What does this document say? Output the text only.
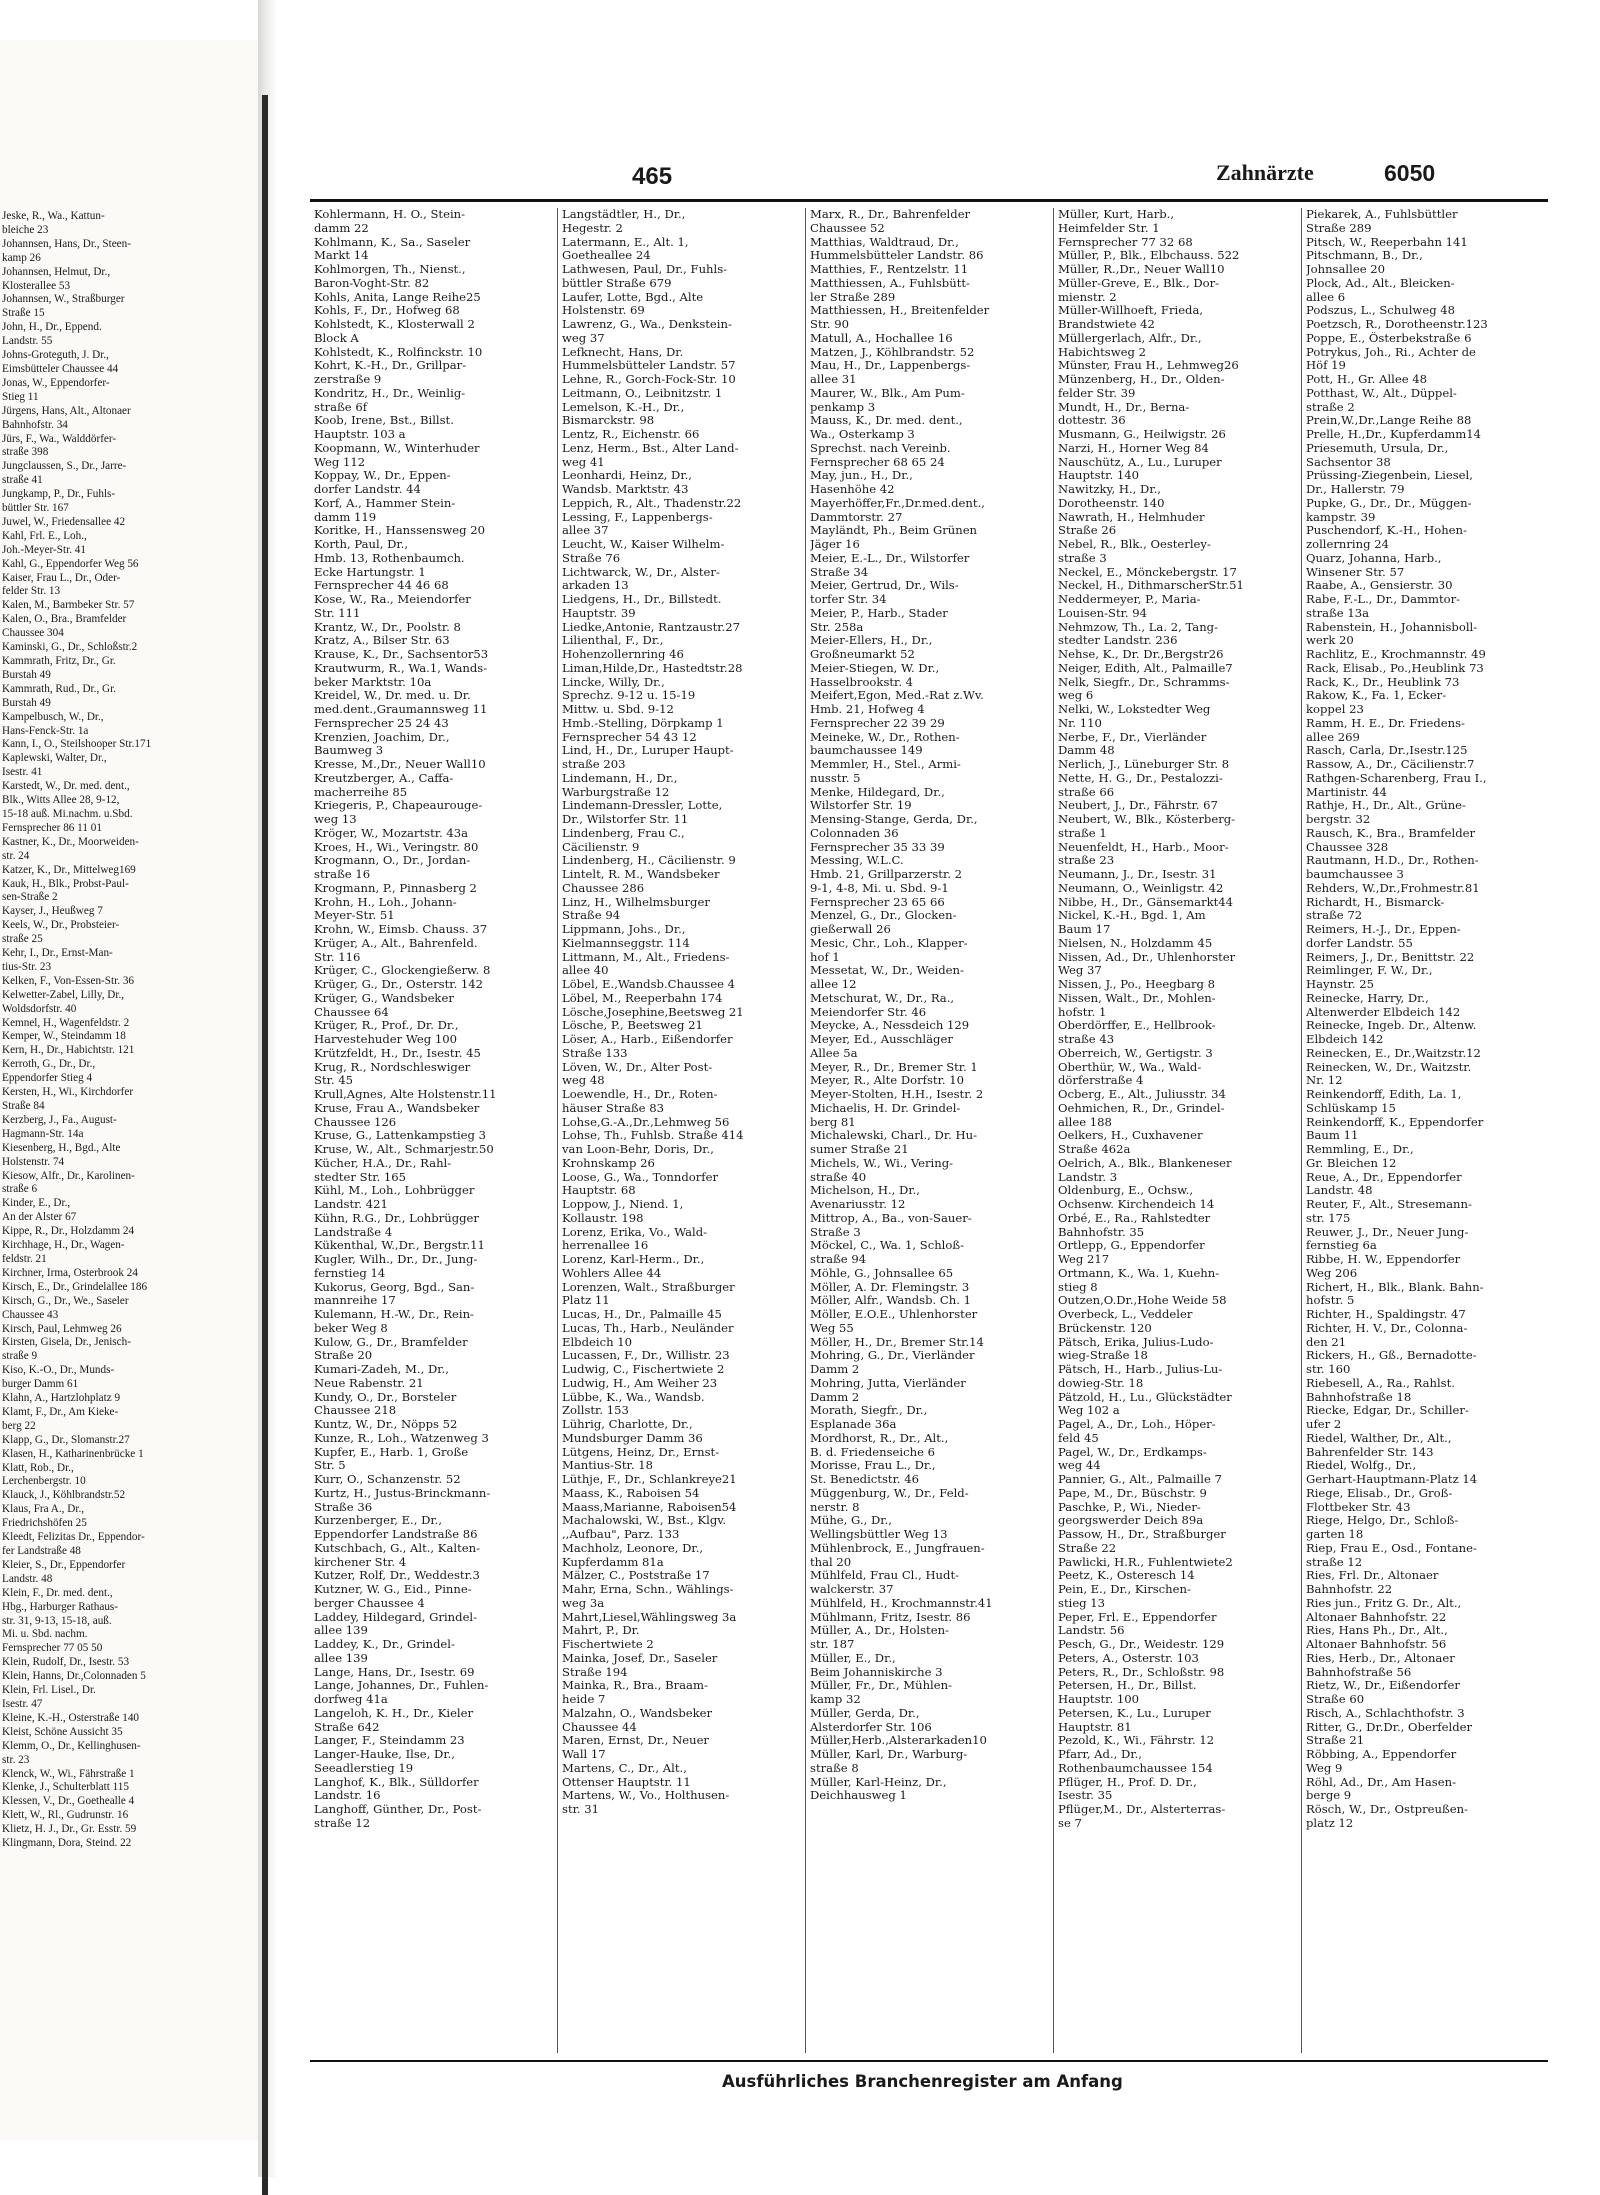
Jeske, R., Wa., Kattun-
bleiche 23
Johannsen, Hans, Dr., Steen-
kamp 26
Johannsen, Helmut, Dr.,
Klosterallee 53
Johannsen, W., Straßburger
Straße 15
John, H., Dr., Eppend.
Landstr. 55
Johns-Groteguth, J. Dr.,
Eimsbütteler Chaussee 44
Jonas, W., Eppendorfer-
Stieg 11
Jürgens, Hans, Alt., Altonaer
Bahnhofstr. 34
Jürs, F., Wa., Walddörfer-
straße 398
Jungclaussen, S., Dr., Jarre-
straße 41
Jungkamp, P., Dr., Fuhls-
büttler Str. 167
Juwel, W., Friedensallee 42
Kahl, Frl. E., Loh.,
Joh.-Meyer-Str. 41
Kahl, G., Eppendorfer Weg 56
Kaiser, Frau L., Dr., Oder-
felder Str. 13
Kalen, M., Barmbeker Str. 57
Kalen, O., Bra., Bramfelder
Chaussee 304
Kaminski, G., Dr., Schloßstr.2
Kammrath, Fritz, Dr., Gr.
Burstah 49
Kammrath, Rud., Dr., Gr.
Burstah 49
Kampelbusch, W., Dr.,
Hans-Fenck-Str. 1a
Kann, I., O., Steilshooper Str.171
Kaplewski, Walter, Dr.,
Isestr. 41
Karstedt, W., Dr. med. dent.,
Blk., Witts Allee 28, 9-12,
15-18 auß. Mi.nachm. u.Sbd.
Fernsprecher 86 11 01
Kastner, K., Dr., Moorweiden-
str. 24
Katzer, K., Dr., Mittelweg169
Kauk, H., Blk., Probst-Paul-
sen-Straße 2
Kayser, J., Heußweg 7
Keels, W., Dr., Probsteier-
straße 25
Kehr, I., Dr., Ernst-Man-
tius-Str. 23
Kelken, F., Von-Essen-Str. 36
Kelwetter-Zabel, Lilly, Dr.,
Woldsdorfstr. 40
Kemnel, H., Wagenfeldstr. 2
Kemper, W., Steindamm 18
Kern, H., Dr., Habichtstr. 121
Kerroth, G., Dr., Dr.,
Eppendorfer Stieg 4
Kersten, H., Wi., Kirchdorfer
Straße 84
Kerzberg, J., Fa., August-
Hagmann-Str. 14a
Kiesenberg, H., Bgd., Alte
Holstenstr. 74
Kiesow, Alfr., Dr., Karolinen-
straße 6
Kinder, E., Dr.,
An der Alster 67
Kippe, R., Dr., Holzdamm 24
Kirchhage, H., Dr., Wagen-
feldstr. 21
Kirchner, Irma, Osterbrook 24
Kirsch, E., Dr., Grindelallee 186
Kirsch, G., Dr., We., Saseler
Chaussee 43
Kirsch, Paul, Lehmweg 26
Kirsten, Gisela, Dr., Jenisch-
straße 9
Kiso, K.-O., Dr., Munds-
burger Damm 61
Klahn, A., Hartzlohplatz 9
Klamt, F., Dr., Am Kieke-
berg 22
Klapp, G., Dr., Slomanstr.27
Klasen, H., Katharinenbrücke 1
Klatt, Rob., Dr.,
Lerchenbergstr. 10
Klauck, J., Köhlbrandstr.52
Klaus, Fra A., Dr.,
Friedrichshöfen 25
Kleedt, Felizitas Dr., Eppendor-
fer Landstraße 48
Kleier, S., Dr., Eppendorfer
Landstr. 48
Klein, F., Dr. med. dent.,
Hbg., Harburger Rathaus-
str. 31, 9-13, 15-18, auß.
Mi. u. Sbd. nachm.
Fernsprecher 77 05 50
Klein, Rudolf, Dr., Isestr. 53
Klein, Hanns, Dr.,Colonnaden 5
Klein, Frl. Lisel., Dr.
Isestr. 47
Kleine, K.-H., Osterstraße 140
Kleist, Schöne Aussicht 35
Klemm, O., Dr., Kellinghusen-
str. 23
Klenck, W., Wi., Fährstraße 1
Klenke, J., Schulterblatt 115
Klessen, V., Dr., Goethealle 4
Klett, W., Rl., Gudrunstr. 16
Klietz, H. J., Dr., Gr. Esstr. 59
Klingmann, Dora, Steind. 22
465	Zahnärzte	6050
Kohlermann, H. O., Stein-
damm 22
Kohlmann, K., Sa., Saseler
Markt 14
Kohlmorgen, Th., Nienst.,
Baron-Voght-Str. 82
Kohls, Anita, Lange Reihe25
Kohls, F., Dr., Hofweg 68
Kohlstedt, K., Klosterwall 2
Block A
Kohlstedt, K., Rolfinckstr. 10
Kohrt, K.-H., Dr., Grillpar-
zerstraße 9
Kondritz, H., Dr., Weinlig-
straße 6f
Koob, Irene, Bst., Billst.
Hauptstr. 103 a
Koopmann, W., Winterhuder
Weg 112
Koppay, W., Dr., Eppen-
dorfer Landstr. 44
Korf, A., Hammer Stein-
damm 119
Koritke, H., Hanssensweg 20
Korth, Paul, Dr.,
Hmb. 13, Rothenbaumch.
Ecke Hartungstr. 1
Fernsprecher 44 46 68
Kose, W., Ra., Meiendorfer
Str. 111
Krantz, W., Dr., Poolstr. 8
Kratz, A., Bilser Str. 63
Krause, K., Dr., Sachsentor53
Krautwurm, R., Wa.1, Wands-
beker Marktstr. 10a
Kreidel, W., Dr. med. u. Dr.
med.dent.,Graumannsweg 11
Fernsprecher 25 24 43
Krenzien, Joachim, Dr.,
Baumweg 3
Kresse, M.,Dr., Neuer Wall10
Kreutzberger, A., Caffa-
macherreihe 85
Kriegeris, P., Chapeaurouge-
weg 13
Kröger, W., Mozartstr. 43a
Kroes, H., Wi., Veringstr. 80
Krogmann, O., Dr., Jordan-
straße 16
Krogmann, P., Pinnasberg 2
Krohn, H., Loh., Johann-
Meyer-Str. 51
Krohn, W., Eimsb. Chauss. 37
Krüger, A., Alt., Bahrenfeld.
Str. 116
Krüger, C., Glockengießerw. 8
Krüger, G., Dr., Osterstr. 142
Krüger, G., Wandsbeker
Chaussee 64
Krüger, R., Prof., Dr. Dr.,
Harvestehuder Weg 100
Krützfeldt, H., Dr., Isestr. 45
Krug, R., Nordschleswiger
Str. 45
Krull,Agnes, Alte Holstenstr.11
Kruse, Frau A., Wandsbeker
Chaussee 126
Kruse, G., Lattenkampstieg 3
Kruse, W., Alt., Schmarjestr.50
Kücher, H.A., Dr., Rahl-
stedter Str. 165
Kühl, M., Loh., Lohbrügger
Landstr. 421
Kühn, R.G., Dr., Lohbrügger
Landstraße 4
Kükenthal, W.,Dr., Bergstr.11
Kugler, Wilh., Dr., Dr., Jung-
fernstieg 14
Kukorus, Georg, Bgd., San-
mannreihe 17
Kulemann, H.-W., Dr., Rein-
beker Weg 8
Kulow, G., Dr., Bramfelder
Straße 20
Kumari-Zadeh, M., Dr.,
Neue Rabenstr. 21
Kundy, O., Dr., Borsteler
Chaussee 218
Kuntz, W., Dr., Nöpps 52
Kunze, R., Loh., Watzenweg 3
Kupfer, E., Harb. 1, Große
Str. 5
Kurr, O., Schanzenstr. 52
Kurtz, H., Justus-Brinckmann-
Straße 36
Kurzenberger, E., Dr.,
Eppendorfer Landstraße 86
Kutschbach, G., Alt., Kalten-
kirchener Str. 4
Kutzer, Rolf, Dr., Weddestr.3
Kutzner, W. G., Eid., Pinne-
berger Chaussee 4
Laddey, Hildegard, Grindel-
allee 139
Laddey, K., Dr., Grindel-
allee 139
Lange, Hans, Dr., Isestr. 69
Lange, Johannes, Dr., Fuhlen-
dorfweg 41a
Langeloh, K. H., Dr., Kieler
Straße 642
Langer, F., Steindamm 23
Langer-Hauke, Ilse, Dr.,
Seeadlerstieg 19
Langhof, K., Blk., Sülldorfer
Landstr. 16
Langhoff, Günther, Dr., Post-
straße 12
Langstädtler, H., Dr.,
Hegestr. 2
Latermann, E., Alt. 1,
Goetheallee 24
Lathwesen, Paul, Dr., Fuhls-
büttler Straße 679
Laufer, Lotte, Bgd., Alte
Holstenstr. 69
Lawrenz, G., Wa., Denkstein-
weg 37
Lefknecht, Hans, Dr.
Hummelsbütteler Landstr. 57
Lehne, R., Gorch-Fock-Str. 10
Leitmann, O., Leibnitzstr. 1
Lemelson, K.-H., Dr.,
Bismarckstr. 98
Lentz, R., Eichenstr. 66
Lenz, Herm., Bst., Alter Land-
weg 41
Leonhardi, Heinz, Dr.,
Wandsb. Marktstr. 43
Leppich, R., Alt., Thadenstr.22
Lessing, F., Lappenbergs-
allee 37
Leucht, W., Kaiser Wilhelm-
Straße 76
Lichtwarck, W., Dr., Alster-
arkaden 13
Liedgens, H., Dr., Billstedt.
Hauptstr. 39
Liedke,Antonie, Rantzaustr.27
Lilienthal, F., Dr.,
Hohenzollernring 46
Liman,Hilde,Dr., Hastedtstr.28
Lincke, Willy, Dr.,
Sprechz. 9-12 u. 15-19
Mittw. u. Sbd. 9-12
Hmb.-Stelling, Dörpkamp 1
Fernsprecher 54 43 12
Lind, H., Dr., Luruper Haupt-
straße 203
Lindemann, H., Dr.,
Warburgstraße 12
Lindemann-Dressler, Lotte,
Dr., Wilstorfer Str. 11
Lindenberg, Frau C.,
Cäcilienstr. 9
Lindenberg, H., Cäcilienstr. 9
Lintelt, R. M., Wandsbeker
Chaussee 286
Linz, H., Wilhelmsburger
Straße 94
Lippmann, Johs., Dr.,
Kielmannseggstr. 114
Littmann, M., Alt., Friedens-
allee 40
Löbel, E.,Wandsb.Chaussee 4
Löbel, M., Reeperbahn 174
Lösche,Josephine,Beetsweg 21
Lösche, P., Beetsweg 21
Löser, A., Harb., Eißendorfer
Straße 133
Löven, W., Dr., Alter Post-
weg 48
Loewendle, H., Dr., Roten-
häuser Straße 83
Lohse,G.-A.,Dr.,Lehmweg 56
Lohse, Th., Fuhlsb. Straße 414
van Loon-Behr, Doris, Dr.,
Krohnskamp 26
Loose, G., Wa., Tonndorfer
Hauptstr. 68
Loppow, J., Niend. 1,
Kollaustr. 198
Lorenz, Erika, Vo., Wald-
herrenallee 16
Lorenz, Karl-Herm., Dr.,
Wohlers Allee 44
Lorenzen, Walt., Straßburger
Platz 11
Lucas, H., Dr., Palmaille 45
Lucas, Th., Harb., Neuländer
Elbdeich 10
Lucassen, F., Dr., Willistr. 23
Ludwig, C., Fischertwiete 2
Ludwig, H., Am Weiher 23
Lübbe, K., Wa., Wandsb.
Zollstr. 153
Lührig, Charlotte, Dr.,
Mundsburger Damm 36
Lütgens, Heinz, Dr., Ernst-
Mantius-Str. 18
Lüthje, F., Dr., Schlankreye21
Maass, K., Raboisen 54
Maass,Marianne, Raboisen54
Machalowski, W., Bst., Klgv.
,,Aufbau", Parz. 133
Machholz, Leonore, Dr.,
Kupferdamm 81a
Mälzer, C., Poststraße 17
Mahr, Erna, Schn., Wählings-
weg 3a
Mahrt,Liesel,Wählingsweg 3a
Mahrt, P., Dr.
Fischertwiete 2
Mainka, Josef, Dr., Saseler
Straße 194
Mainka, R., Bra., Braam-
heide 7
Malzahn, O., Wandsbeker
Chaussee 44
Maren, Ernst, Dr., Neuer
Wall 17
Martens, C., Dr., Alt.,
Ottenser Hauptstr. 11
Martens, W., Vo., Holthusen-
str. 31
Marx, R., Dr., Bahrenfelder
Chaussee 52
Matthias, Waldtraud, Dr.,
Hummelsbütteler Landstr. 86
Matthies, F., Rentzelstr. 11
Matthiessen, A., Fuhlsbütt-
ler Straße 289
Matthiessen, H., Breitenfelder
Str. 90
Matull, A., Hochallee 16
Matzen, J., Köhlbrandstr. 52
Mau, H., Dr., Lappenbergs-
allee 31
Maurer, W., Blk., Am Pum-
penkamp 3
Mauss, K., Dr. med. dent.,
Wa., Osterkamp 3
Sprechst. nach Vereinb.
Fernsprecher 68 65 24
May, jun., H., Dr.,
Hasenhöhe 42
Mayerhöffer,Fr.,Dr.med.dent.,
Dammtorstr. 27
Mayländt, Ph., Beim Grünen
Jäger 16
Meier, E.-L., Dr., Wilstorfer
Straße 34
Meier, Gertrud, Dr., Wils-
torfer Str. 34
Meier, P., Harb., Stader
Str. 258a
Meier-Ellers, H., Dr.,
Großneumarkt 52
Meier-Stiegen, W. Dr.,
Hasselbrookstr. 4
Meifert,Egon, Med.-Rat z.Wv.
Hmb. 21, Hofweg 4
Fernsprecher 22 39 29
Meineke, W., Dr., Rothen-
baumchaussee 149
Memmler, H., Stel., Armi-
nusstr. 5
Menke, Hildegard, Dr.,
Wilstorfer Str. 19
Mensing-Stange, Gerda, Dr.,
Colonnaden 36
Fernsprecher 35 33 39
Messing, W.L.C.
Hmb. 21, Grillparzerstr. 2
9-1, 4-8, Mi. u. Sbd. 9-1
Fernsprecher 23 65 66
Menzel, G., Dr., Glocken-
gießerwall 26
Mesic, Chr., Loh., Klapper-
hof 1
Messetat, W., Dr., Weiden-
allee 12
Metschurat, W., Dr., Ra.,
Meiendorfer Str. 46
Meycke, A., Nessdeich 129
Meyer, Ed., Ausschläger
Allee 5a
Meyer, R., Dr., Bremer Str. 1
Meyer, R., Alte Dorfstr. 10
Meyer-Stolten, H.H., Isestr. 2
Michaelis, H. Dr. Grindel-
berg 81
Michalewski, Charl., Dr. Hu-
sumer Straße 21
Michels, W., Wi., Vering-
straße 40
Michelson, H., Dr.,
Avenariusstr. 12
Mittrop, A., Ba., von-Sauer-
Straße 3
Möckel, C., Wa. 1, Schloß-
straße 94
Möhle, G., Johnsallee 65
Möller, A. Dr. Flemingstr. 3
Möller, Alfr., Wandsb. Ch. 1
Möller, E.O.E., Uhlenhorster
Weg 55
Möller, H., Dr., Bremer Str.14
Mohring, G., Dr., Vierländer
Damm 2
Mohring, Jutta, Vierländer
Damm 2
Morath, Siegfr., Dr.,
Esplanade 36a
Mordhorst, R., Dr., Alt.,
B. d. Friedenseiche 6
Morisse, Frau L., Dr.,
St. Benedictstr. 46
Müggenburg, W., Dr., Feld-
nerstr. 8
Mühe, G., Dr.,
Wellingsbüttler Weg 13
Mühlenbrock, E., Jungfrauen-
thal 20
Mühlfeld, Frau Cl., Hudt-
walckerstr. 37
Mühlfeld, H., Krochmannstr.41
Mühlmann, Fritz, Isestr. 86
Müller, A., Dr., Holsten-
str. 187
Müller, E., Dr.,
Beim Johanniskirche 3
Müller, Fr., Dr., Mühlen-
kamp 32
Müller, Gerda, Dr.,
Alsterdorfer Str. 106
Müller,Herb.,Alsterarkaden10
Müller, Karl, Dr., Warburg-
straße 8
Müller, Karl-Heinz, Dr.,
Deichhausweg 1
Müller, Kurt, Harb.,
Heimfelder Str. 1
Fernsprecher 77 32 68
Müller, P., Blk., Elbchauss. 522
Müller, R.,Dr., Neuer Wall10
Müller-Greve, E., Blk., Dor-
mienstr. 2
Müller-Willhoeft, Frieda,
Brandstwiete 42
Müllergerlach, Alfr., Dr.,
Habichtsweg 2
Münster, Frau H., Lehmweg26
Münzenberg, H., Dr., Olden-
felder Str. 39
Mundt, H., Dr., Berna-
dottestr. 36
Musmann, G., Heilwigstr. 26
Narzi, H., Horner Weg 84
Nauschütz, A., Lu., Luruper
Hauptstr. 140
Nawitzky, H., Dr.,
Dorotheenstr. 140
Nawrath, H., Helmhuder
Straße 26
Nebel, R., Blk., Oesterley-
straße 3
Neckel, E., Mönckebergstr. 17
Neckel, H., DithmarscherStr.51
Neddermeyer, P., Maria-
Louisen-Str. 94
Nehmzow, Th., La. 2, Tang-
stedter Landstr. 236
Nehse, K., Dr. Dr.,Bergstr26
Neiger, Edith, Alt., Palmaille7
Nelk, Siegfr., Dr., Schramms-
weg 6
Nelki, W., Lokstedter Weg
Nr. 110
Nerbe, F., Dr., Vierländer
Damm 48
Nerlich, J., Lüneburger Str. 8
Nette, H. G., Dr., Pestalozzi-
straße 66
Neubert, J., Dr., Fährstr. 67
Neubert, W., Blk., Kösterberg-
straße 1
Neuenfeldt, H., Harb., Moor-
straße 23
Neumann, J., Dr., Isestr. 31
Neumann, O., Weinligstr. 42
Nibbe, H., Dr., Gänsemarkt44
Nickel, K.-H., Bgd. 1, Am
Baum 17
Nielsen, N., Holzdamm 45
Nissen, Ad., Dr., Uhlenhorster
Weg 37
Nissen, J., Po., Heegbarg 8
Nissen, Walt., Dr., Mohlen-
hofstr. 1
Oberdörffer, E., Hellbrook-
straße 43
Oberreich, W., Gertigstr. 3
Oberthür, W., Wa., Wald-
dörferstraße 4
Ocberg, E., Alt., Juliusstr. 34
Oehmichen, R., Dr., Grindel-
allee 188
Oelkers, H., Cuxhavener
Straße 462a
Oelrich, A., Blk., Blankeneser
Landstr. 3
Oldenburg, E., Ochsw.,
Ochsenw. Kirchendeich 14
Orbé, E., Ra., Rahlstedter
Bahnhofstr. 35
Ortlepp, G., Eppendorfer
Weg 217
Ortmann, K., Wa. 1, Kuehn-
stieg 8
Outzen,O.Dr.,Hohe Weide 58
Overbeck, L., Veddeler
Brückenstr. 120
Pätsch, Erika, Julius-Ludo-
wieg-Straße 18
Pätsch, H., Harb., Julius-Lu-
dowieg-Str. 18
Pätzold, H., Lu., Glückstädter
Weg 102 a
Pagel, A., Dr., Loh., Höper-
feld 45
Pagel, W., Dr., Erdkamps-
weg 44
Pannier, G., Alt., Palmaille 7
Pape, M., Dr., Büschstr. 9
Paschke, P., Wi., Nieder-
georgswerder Deich 89a
Passow, H., Dr., Straßburger
Straße 22
Pawlicki, H.R., Fuhlentwiete2
Peetz, K., Osteresch 14
Pein, E., Dr., Kirschen-
stieg 13
Peper, Frl. E., Eppendorfer
Landstr. 56
Pesch, G., Dr., Weidestr. 129
Peters, A., Osterstr. 103
Peters, R., Dr., Schloßstr. 98
Petersen, H., Dr., Billst.
Hauptstr. 100
Petersen, K., Lu., Luruper
Hauptstr. 81
Pezold, K., Wi., Fährstr. 12
Pfarr, Ad., Dr.,
Rothenbaumchaussee 154
Pflüger, H., Prof. D. Dr.,
Isestr. 35
Pflüger,M., Dr., Alsterterras-
se 7
Piekarek, A., Fuhlsbüttler
Straße 289
Pitsch, W., Reeperbahn 141
Pitschmann, B., Dr.,
Johnsallee 20
Plock, Ad., Alt., Bleicken-
allee 6
Podszus, L., Schulweg 48
Poetzsch, R., Dorotheenstr.123
Poppe, E., Österbekstraße 6
Potrykus, Joh., Ri., Achter de
Höf 19
Pott, H., Gr. Allee 48
Potthast, W., Alt., Düppel-
straße 2
Prein,W.,Dr.,Lange Reihe 88
Prelle, H.,Dr., Kupferdamm14
Priesemuth, Ursula, Dr.,
Sachsentor 38
Prüssing-Ziegenbein, Liesel,
Dr., Hallerstr. 79
Pupke, G., Dr., Dr., Müggen-
kampstr. 39
Puschendorf, K.-H., Hohen-
zollernring 24
Quarz, Johanna, Harb.,
Winsener Str. 57
Raabe, A., Gensierstr. 30
Rabe, F.-L., Dr., Dammtor-
straße 13a
Rabenstein, H., Johannisboll-
werk 20
Rachlitz, E., Krochmannstr. 49
Rack, Elisab., Po.,Heublink 73
Rack, K., Dr., Heublink 73
Rakow, K., Fa. 1, Ecker-
koppel 23
Ramm, H. E., Dr. Friedens-
allee 269
Rasch, Carla, Dr.,Isestr.125
Rassow, A., Dr., Cäcilienstr.7
Rathgen-Scharenberg, Frau I.,
Martinistr. 44
Rathje, H., Dr., Alt., Grüne-
bergstr. 32
Rausch, K., Bra., Bramfelder
Chaussee 328
Rautmann, H.D., Dr., Rothen-
baumchaussee 3
Rehders, W.,Dr.,Frohmestr.81
Richardt, H., Bismarck-
straße 72
Reimers, H.-J., Dr., Eppen-
dorfer Landstr. 55
Reimers, J., Dr., Benittstr. 22
Reimlinger, F. W., Dr.,
Haynstr. 25
Reinecke, Harry, Dr.,
Altenwerder Elbdeich 142
Reinecke, Ingeb. Dr., Altenw.
Elbdeich 142
Reinecken, E., Dr.,Waitzstr.12
Reinecken, W., Dr., Waitzstr.
Nr. 12
Reinkendorff, Edith, La. 1,
Schlüskamp 15
Reinkendorff, K., Eppendorfer
Baum 11
Remmling, E., Dr.,
Gr. Bleichen 12
Reue, A., Dr., Eppendorfer
Landstr. 48
Reuter, F., Alt., Stresemann-
str. 175
Reuwer, J., Dr., Neuer Jung-
fernstieg 6a
Ribbe, H. W., Eppendorfer
Weg 206
Richert, H., Blk., Blank. Bahn-
hofstr. 5
Richter, H., Spaldingstr. 47
Richter, H. V., Dr., Colonna-
den 21
Rickers, H., Gß., Bernadotte-
str. 160
Riebesell, A., Ra., Rahlst.
Bahnhofstraße 18
Riecke, Edgar, Dr., Schiller-
ufer 2
Riedel, Walther, Dr., Alt.,
Bahrenfelder Str. 143
Riedel, Wolfg., Dr.,
Gerhart-Hauptmann-Platz 14
Riege, Elisab., Dr., Groß-
Flottbeker Str. 43
Riege, Helgo, Dr., Schloß-
garten 18
Riep, Frau E., Osd., Fontane-
straße 12
Ries, Frl. Dr., Altonaer
Bahnhofstr. 22
Ries jun., Fritz G. Dr., Alt.,
Altonaer Bahnhofstr. 22
Ries, Hans Ph., Dr., Alt.,
Altonaer Bahnhofstr. 56
Ries, Herb., Dr., Altonaer
Bahnhofstraße 56
Rietz, W., Dr., Eißendorfer
Straße 60
Risch, A., Schlachthofstr. 3
Ritter, G., Dr.Dr., Oberfelder
Straße 21
Röbbing, A., Eppendorfer
Weg 9
Röhl, Ad., Dr., Am Hasen-
berge 9
Rösch, W., Dr., Ostpreußen-
platz 12
Ausführliches Branchenregister am Anfang
